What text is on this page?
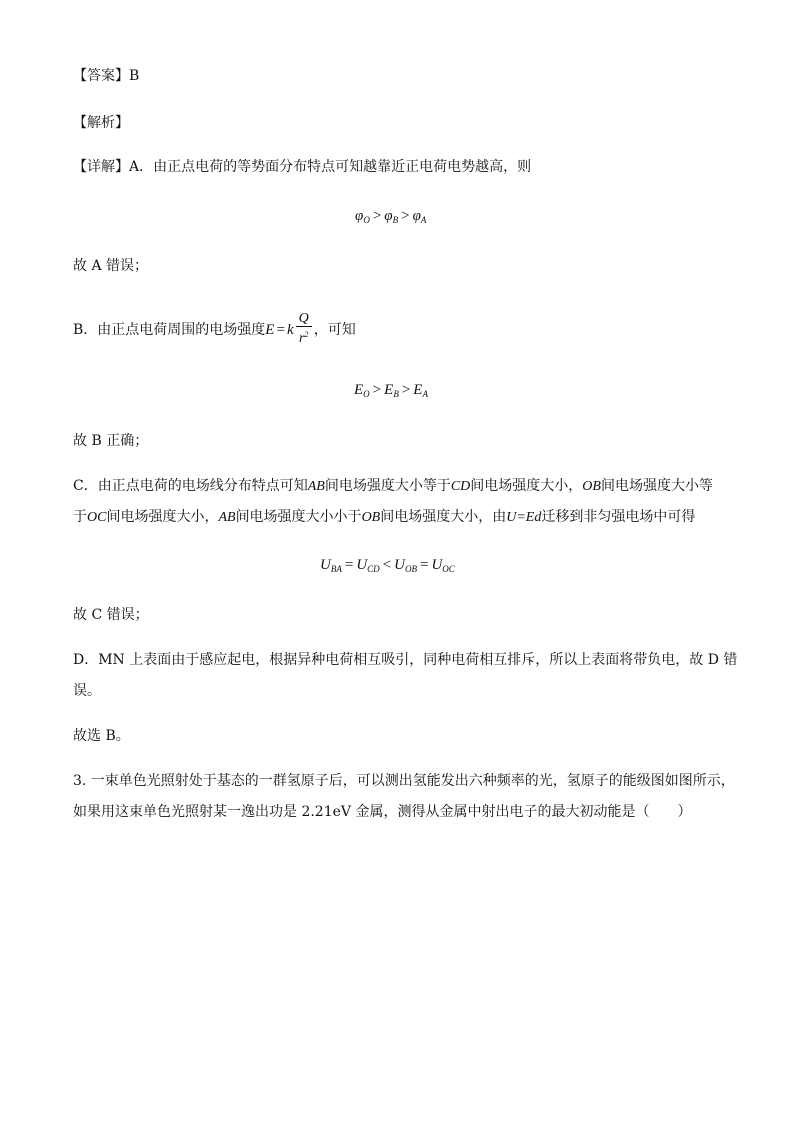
【答案】B
【解析】
【详解】A．由正点电荷的等势面分布特点可知越靠近正电荷电势越高，则
$\varphi_O > \varphi_B > \varphi_A$
故 A 错误；
B．由正点电荷周围的电场强度E = k $\frac{Q}{r^2}$ ，可知
$E_O > E_B > E_A$
故 B 正确；
C．由正点电荷的电场线分布特点可知AB间电场强度大小等于CD间电场强度大小，OB间电场强度大小等
于OC间电场强度大小，AB间电场强度大小小于OB间电场强度大小，由U=Ed迁移到非匀强电场中可得
$U_{BA} = U_{CD} < U_{OB} = U_{OC}$
故 C 错误；
D．MN 上表面由于感应起电，根据异种电荷相互吸引，同种电荷相互排斥，所以上表面将带负电，故 D 错
误。
故选 B。
3. 一束单色光照射处于基态的一群氢原子后，可以测出氢能发出六种频率的光，氢原子的能级图如图所示，
如果用这束单色光照射某一逸出功是 2.21eV 金属，测得从金属中射出电子的最大初动能是（　　）
